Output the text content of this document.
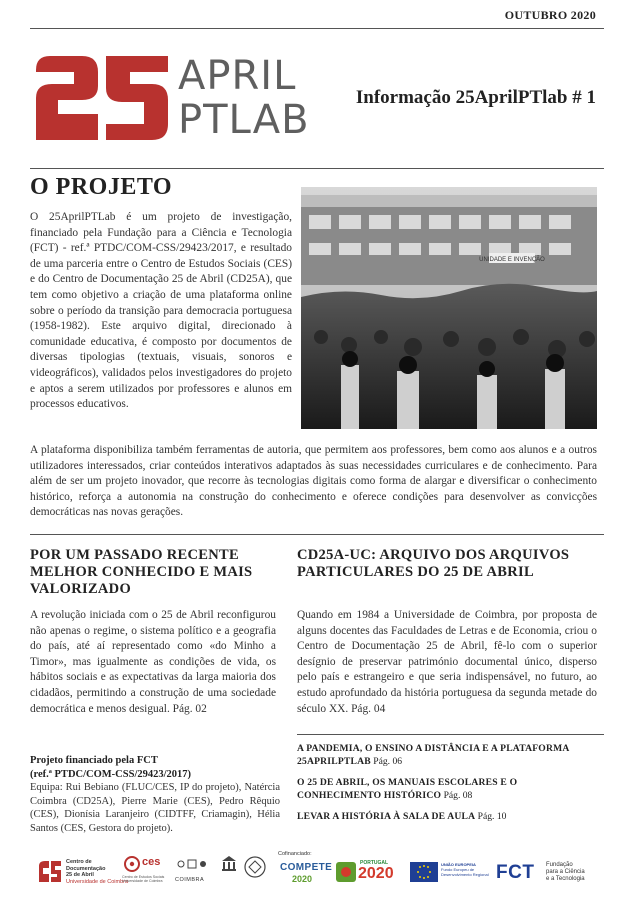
OUTUBRO 2020
APRIL
PTLAB Informação 25AprilPTlab # 1
O PROJETO

O 25AprilPTLab é um projeto de investigação, financiado pela Fundação para a Ciência e Tecnologia (FCT) - ref.ª PTDC/COM-CSS/29423/2017, e resultado de uma parceria entre o Centro de Estudos Sociais (CES) e do Centro de Documentação 25 de Abril (CD25A), que tem como objetivo a criação de uma plataforma online sobre o período da transição para democracia portuguesa (1958-1982). Este arquivo digital, direcionado à comunidade educativa, é composto por documentos de diversas tipologias (textuais, visuais, sonoros e videográficos), validados pelos investigadores do projeto e aptos a serem utilizados por professores e alunos em processos educativos.

UNIDADE E INVENÇÃO

A plataforma disponibiliza também ferramentas de autoria, que permitem aos professores, bem como aos alunos e a outros utilizadores interessados, criar conteúdos interativos adaptados às suas necessidades curriculares e de conhecimento. Para além de ser um projeto inovador, que recorre às tecnologias digitais como forma de alargar e diversificar o conhecimento histórico, reforça a autonomia na construção do conhecimento e oferece condições para desenvolver as convicções democráticas nas novas gerações.

POR UM PASSADO RECENTE MELHOR CONHECIDO E MAIS VALORIZADO

A revolução iniciada com o 25 de Abril reconfigurou não apenas o regime, o sistema político e a geografia do país, até aí representado como «do Minho a Timor», mas igualmente as condições de vida, os hábitos sociais e as expectativas da larga maioria dos cidadãos, permitindo a construção de uma sociedade democrática e menos desigual. Pág. 02

CD25A-UC: ARQUIVO DOS ARQUIVOS PARTICULARES DO 25 DE ABRIL

Quando em 1984 a Universidade de Coimbra, por proposta de alguns docentes das Faculdades de Letras e de Economia, criou o Centro de Documentação 25 de Abril, fê-lo com o superior desígnio de preservar património documental único, disperso pelo país e estrangeiro e que seria indispensável, no futuro, ao estudo aprofundado da história portuguesa da segunda metade do século XX. Pág. 04

Projeto financiado pela FCT
(ref.ª PTDC/COM-CSS/29423/2017)
Equipa: Rui Bebiano (FLUC/CES, IP do projeto), Natércia Coimbra (CD25A), Pierre Marie (CES), Pedro Rêquio (CES), Dionísia Laranjeiro (CIDTFF, Criamagin), Hélia Santos (CES, Gestora do projeto).
A PANDEMIA, O ENSINO A DISTÂNCIA E A PLATAFORMA 25APRILPTLAB Pág. 06
O 25 DE ABRIL, OS MANUAIS ESCOLARES E O CONHECIMENTO HISTÓRICO Pág. 08
LEVAR A HISTÓRIA À SALA DE AULA Pág. 10
Centro de
Documentação
25 de Abril
Universidade de Coimbra
ces
Centro de Estudos Sociais Universidade de Coimbra	COIMBRA
Cofinanciado:
COMPETE
2020
PORTUGAL
2020
UNIÃO EUROPEIA
Fundo Europeu de Desenvolvimento Regional FCT Fundação
para a Ciência
e a Tecnologia
